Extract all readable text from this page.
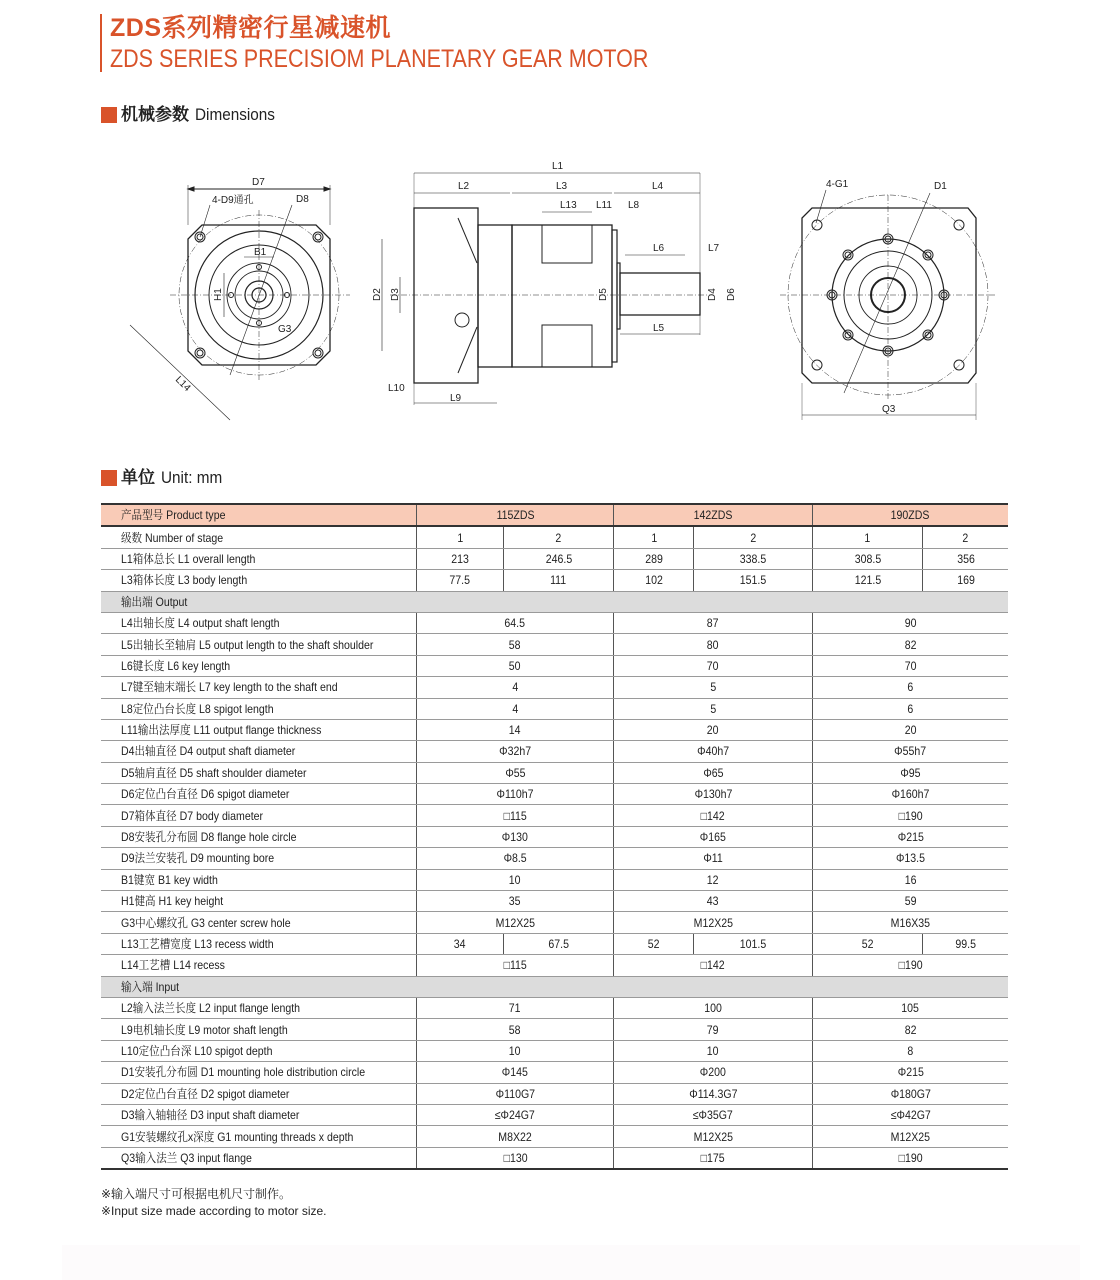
ZDS系列精密行星减速机
ZDS SERIES PRECISIOM PLANETARY GEAR MOTOR
机械参数 Dimensions
D7
4-D9通孔	D8
B1
H1
G3
L14
L1
L2	L3	L4
L13 L11 L8
D2 D3	D5	D4 D6
L6	L7
L5
L10
L9
4-G1	D1
Q3
单位 Unit: mm
产品型号 Product type	115ZDS		142ZDS		190ZDS	
级数 Number of stage	1	2	1	2	1	2
L1箱体总长 L1 overall length	213	246.5	289	338.5	308.5	356
L3箱体长度 L3 body length	77.5	111	102	151.5	121.5	169
输出端 Output						
L4出轴长度 L4 output shaft length	64.5		87		90	
L5出轴长至轴肩 L5 output length to the shaft shoulder	58		80		82	
L6键长度 L6 key length	50		70		70	
L7键至轴末端长 L7 key length to the shaft end	4		5		6	
L8定位凸台长度 L8 spigot length	4		5		6	
L11输出法厚度 L11 output flange thickness	14		20		20	
D4出轴直径 D4 output shaft diameter	Φ32h7		Φ40h7		Φ55h7	
D5轴肩直径 D5 shaft shoulder diameter	Φ55		Φ65		Φ95	
D6定位凸台直径 D6 spigot diameter	Φ110h7		Φ130h7		Φ160h7	
D7箱体直径 D7 body diameter	□115		□142		□190	
D8安装孔分布圆 D8 flange hole circle	Φ130		Φ165		Φ215	
D9法兰安装孔 D9 mounting bore	Φ8.5		Φ11		Φ13.5	
B1键宽 B1 key width	10		12		16	
H1健高 H1 key height	35		43		59	
G3中心螺纹孔 G3 center screw hole	M12X25		M12X25		M16X35	
L13工艺槽宽度 L13 recess width	34	67.5	52	101.5	52	99.5
L14工艺槽 L14 recess	□115		□142		□190	
输入端 Input						
L2输入法兰长度 L2 input flange length	71		100		105	
L9电机轴长度 L9 motor shaft length	58		79		82	
L10定位凸台深 L10 spigot depth	10		10		8	
D1安装孔分布圆 D1 mounting hole distribution circle	Φ145		Φ200		Φ215	
D2定位凸台直径 D2 spigot diameter	Φ110G7		Φ114.3G7		Φ180G7	
D3输入轴轴径 D3 input shaft diameter	≤Φ24G7		≤Φ35G7		≤Φ42G7	
G1安装螺纹孔x深度 G1 mounting threads x depth	M8X22		M12X25		M12X25	
Q3输入法兰 Q3 input flange	□130		□175		□190	
※输入端尺寸可根据电机尺寸制作。
※Input size made according to motor size.
